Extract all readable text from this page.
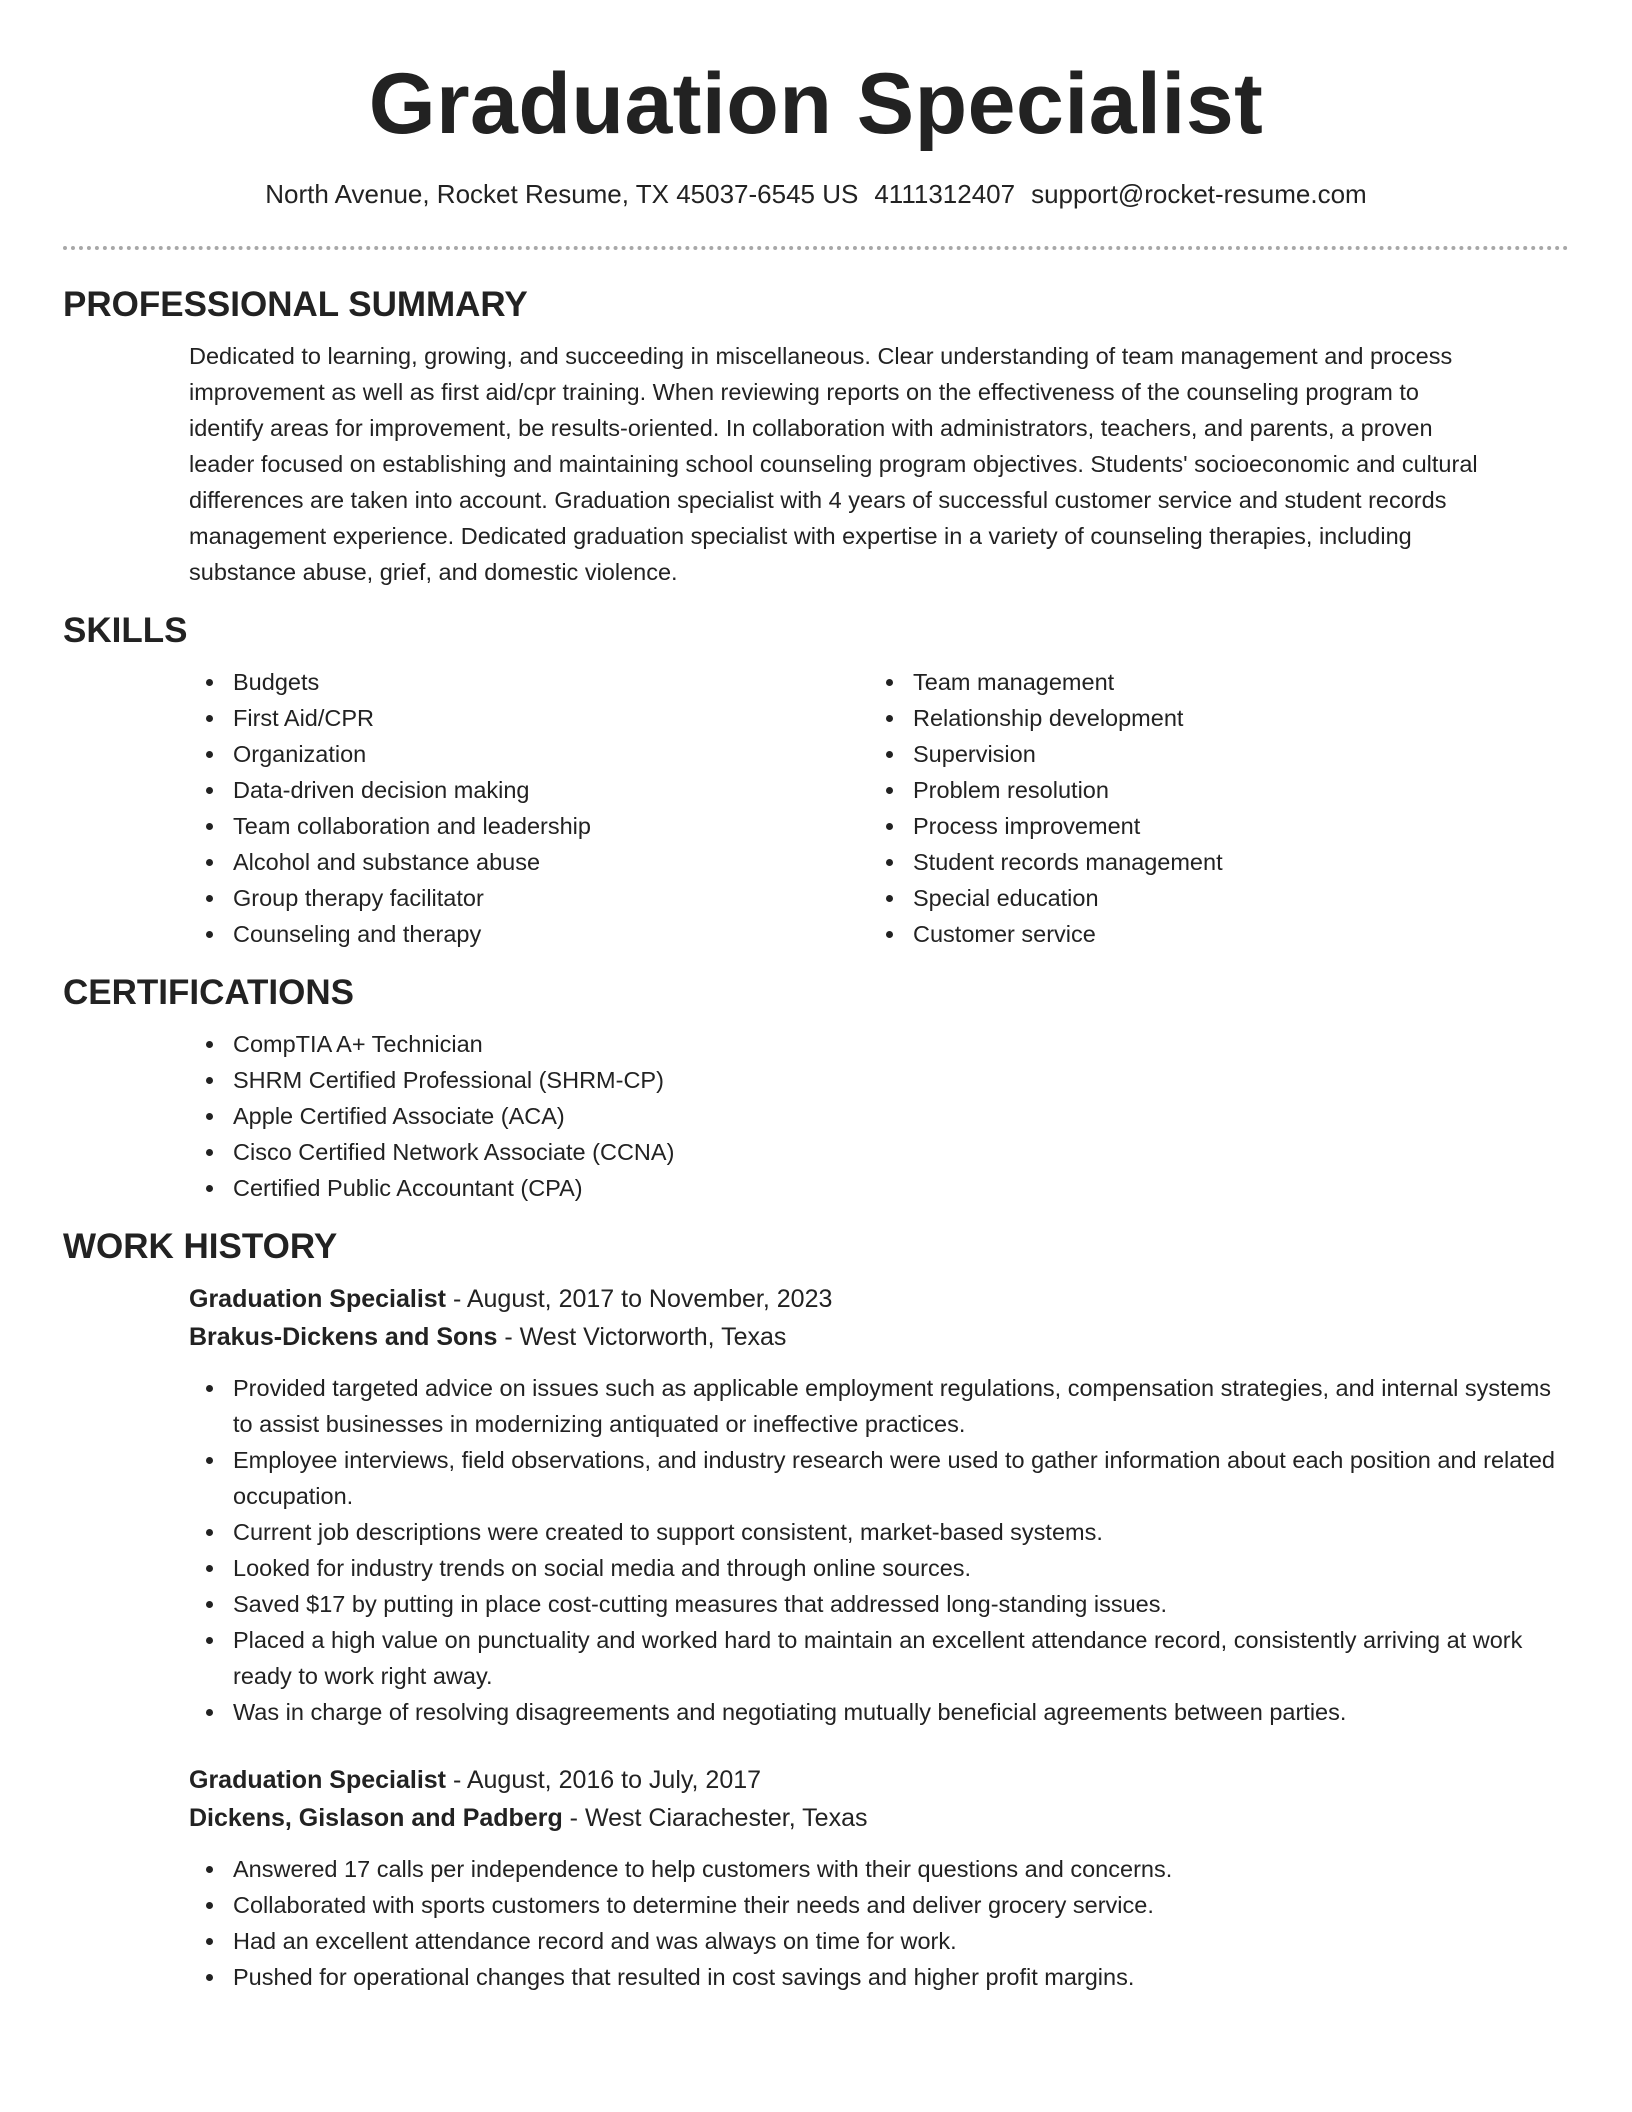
Graduation Specialist
North Avenue, Rocket Resume, TX 45037-6545 US 4111312407 support@rocket-resume.com
PROFESSIONAL SUMMARY
Dedicated to learning, growing, and succeeding in miscellaneous. Clear understanding of team management and process
improvement as well as first aid/cpr training. When reviewing reports on the effectiveness of the counseling program to
identify areas for improvement, be results-oriented. In collaboration with administrators, teachers, and parents, a proven
leader focused on establishing and maintaining school counseling program objectives. Students' socioeconomic and cultural
differences are taken into account. Graduation specialist with 4 years of successful customer service and student records
management experience. Dedicated graduation specialist with expertise in a variety of counseling therapies, including
substance abuse, grief, and domestic violence.
SKILLS
Budgets
First Aid/CPR
Organization
Data-driven decision making
Team collaboration and leadership
Alcohol and substance abuse
Group therapy facilitator
Counseling and therapy
Team management
Relationship development
Supervision
Problem resolution
Process improvement
Student records management
Special education
Customer service
CERTIFICATIONS
CompTIA A+ Technician
SHRM Certified Professional (SHRM-CP)
Apple Certified Associate (ACA)
Cisco Certified Network Associate (CCNA)
Certified Public Accountant (CPA)
WORK HISTORY
Graduation Specialist - August, 2017 to November, 2023
Brakus-Dickens and Sons - West Victorworth, Texas
Provided targeted advice on issues such as applicable employment regulations, compensation strategies, and internal systems to assist businesses in modernizing antiquated or ineffective practices.
Employee interviews, field observations, and industry research were used to gather information about each position and related occupation.
Current job descriptions were created to support consistent, market-based systems.
Looked for industry trends on social media and through online sources.
Saved $17 by putting in place cost-cutting measures that addressed long-standing issues.
Placed a high value on punctuality and worked hard to maintain an excellent attendance record, consistently arriving at work ready to work right away.
Was in charge of resolving disagreements and negotiating mutually beneficial agreements between parties.
Graduation Specialist - August, 2016 to July, 2017
Dickens, Gislason and Padberg - West Ciarachester, Texas
Answered 17 calls per independence to help customers with their questions and concerns.
Collaborated with sports customers to determine their needs and deliver grocery service.
Had an excellent attendance record and was always on time for work.
Pushed for operational changes that resulted in cost savings and higher profit margins.
